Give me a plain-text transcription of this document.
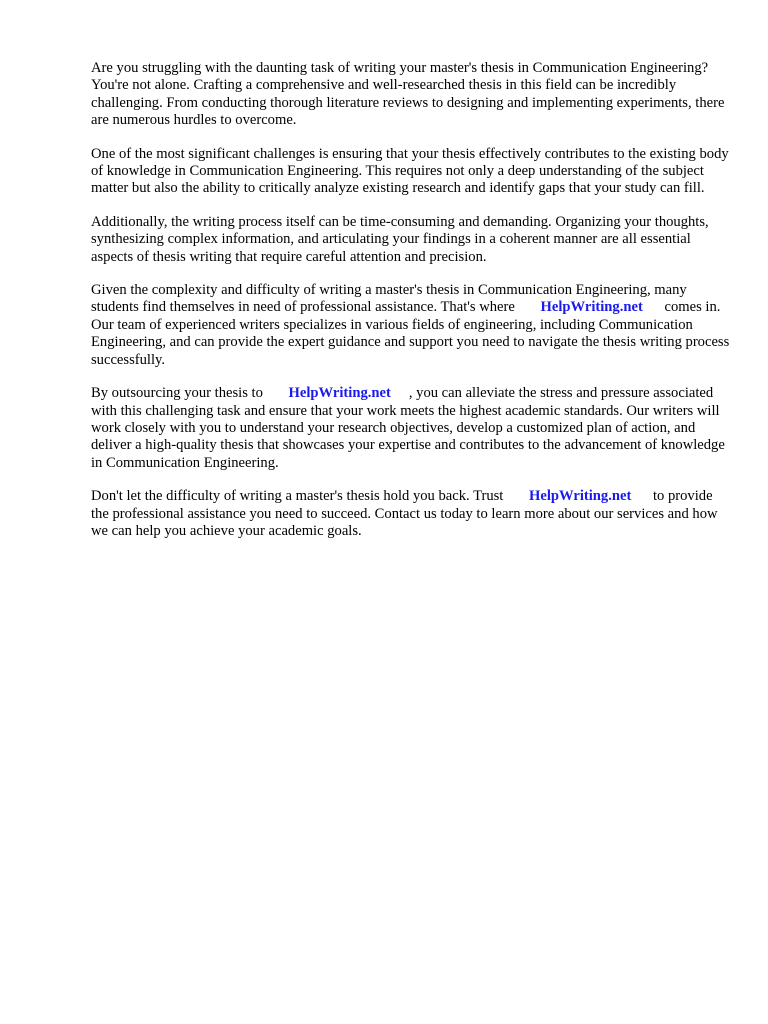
Are you struggling with the daunting task of writing your master's thesis in Communication Engineering? You're not alone. Crafting a comprehensive and well-researched thesis in this field can be incredibly challenging. From conducting thorough literature reviews to designing and implementing experiments, there are numerous hurdles to overcome.

One of the most significant challenges is ensuring that your thesis effectively contributes to the existing body of knowledge in Communication Engineering. This requires not only a deep understanding of the subject matter but also the ability to critically analyze existing research and identify gaps that your study can fill.

Additionally, the writing process itself can be time-consuming and demanding. Organizing your thoughts, synthesizing complex information, and articulating your findings in a coherent manner are all essential aspects of thesis writing that require careful attention and precision.

Given the complexity and difficulty of writing a master's thesis in Communication Engineering, many students find themselves in need of professional assistance. That's where HelpWriting.net comes in. Our team of experienced writers specializes in various fields of engineering, including Communication Engineering, and can provide the expert guidance and support you need to navigate the thesis writing process successfully.

By outsourcing your thesis to HelpWriting.net , you can alleviate the stress and pressure associated with this challenging task and ensure that your work meets the highest academic standards. Our writers will work closely with you to understand your research objectives, develop a customized plan of action, and deliver a high-quality thesis that showcases your expertise and contributes to the advancement of knowledge in Communication Engineering.

Don't let the difficulty of writing a master's thesis hold you back. Trust HelpWriting.net to provide the professional assistance you need to succeed. Contact us today to learn more about our services and how we can help you achieve your academic goals.
